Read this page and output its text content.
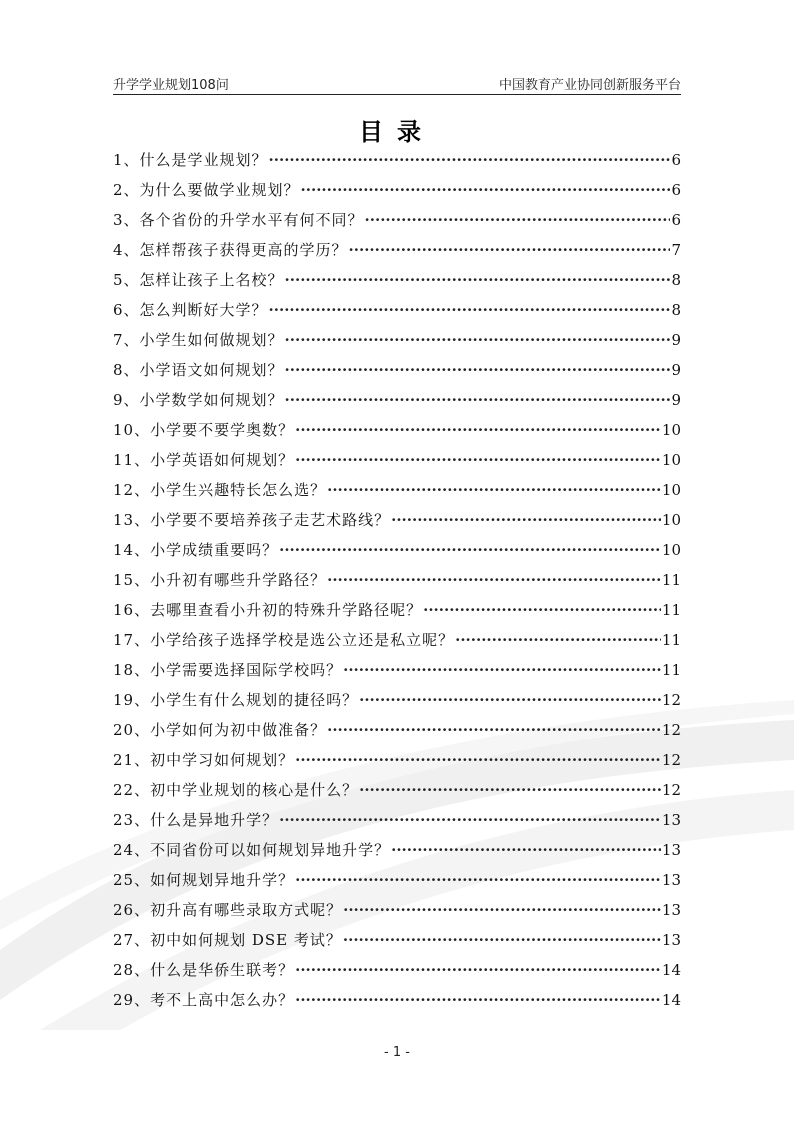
升学学业规划108问	中国教育产业协同创新服务平台
目录
1、什么是学业规划？ ·····	6
2、为什么要做学业规划？ ·····	6
3、各个省份的升学水平有何不同？ ·····	6
4、怎样帮孩子获得更高的学历？ ·····	7
5、怎样让孩子上名校？ ·····	8
6、怎么判断好大学？ ·····	8
7、小学生如何做规划？ ·····	9
8、小学语文如何规划？ ·····	9
9、小学数学如何规划？ ·····	9
10、小学要不要学奥数？ ·····	10
11、小学英语如何规划？ ·····	10
12、小学生兴趣特长怎么选？ ·····	10
13、小学要不要培养孩子走艺术路线？ ·····	10
14、小学成绩重要吗？ ·····	10
15、小升初有哪些升学路径？ ·····	11
16、去哪里查看小升初的特殊升学路径呢？ ·····	11
17、小学给孩子选择学校是选公立还是私立呢？ ·····	11
18、小学需要选择国际学校吗？ ·····	11
19、小学生有什么规划的捷径吗？ ·····	12
20、小学如何为初中做准备？ ·····	12
21、初中学习如何规划？ ·····	12
22、初中学业规划的核心是什么？ ·····	12
23、什么是异地升学？ ·····	13
24、不同省份可以如何规划异地升学？ ·····	13
25、如何规划异地升学？ ·····	13
26、初升高有哪些录取方式呢？ ·····	13
27、初中如何规划 DSE 考试？ ·····	13
28、什么是华侨生联考？ ·····	14
29、考不上高中怎么办？ ·····	14
- 1 -
